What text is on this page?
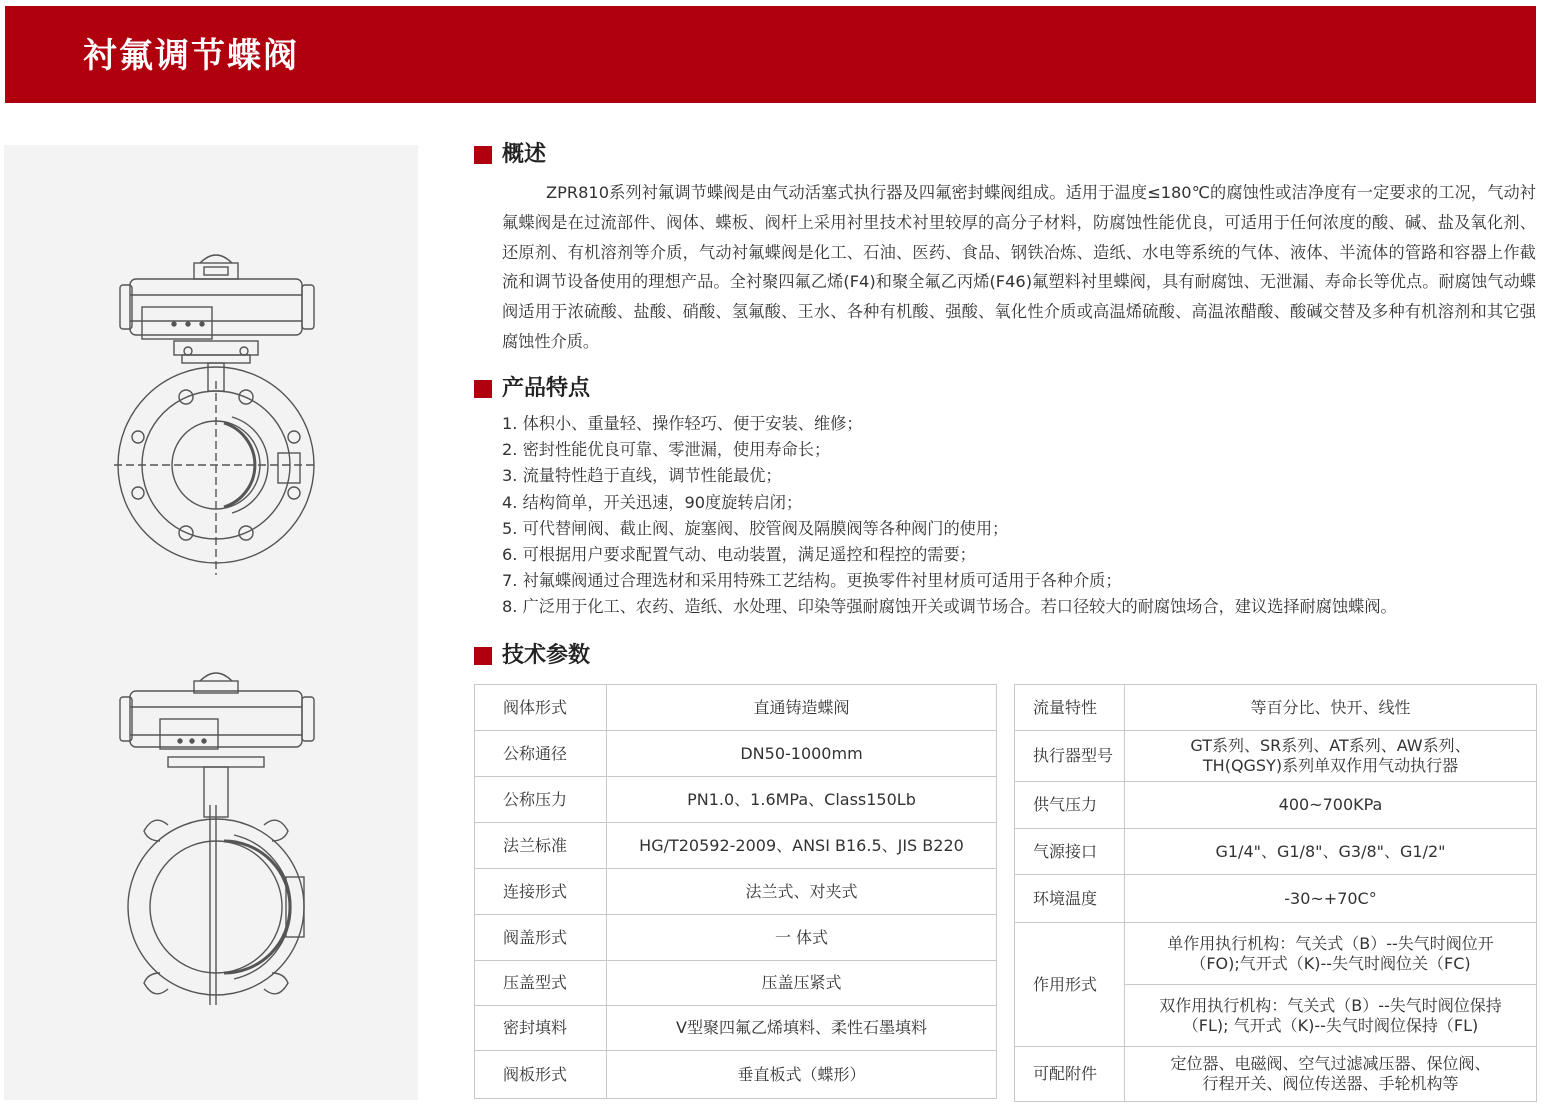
衬氟调节蝶阀
概述

ZPR810系列衬氟调节蝶阀是由气动活塞式执行器及四氟密封蝶阀组成。适用于温度≤180℃的腐蚀性或洁净度有一定要求的工况，气动衬氟蝶阀是在过流部件、阀体、蝶板、阀杆上采用衬里技术衬里较厚的高分子材料，防腐蚀性能优良，可适用于任何浓度的酸、碱、盐及氧化剂、还原剂、有机溶剂等介质，气动衬氟蝶阀是化工、石油、医药、食品、钢铁冶炼、造纸、水电等系统的气体、液体、半流体的管路和容器上作截流和调节设备使用的理想产品。全衬聚四氟乙烯(F4)和聚全氟乙丙烯(F46)氟塑料衬里蝶阀，具有耐腐蚀、无泄漏、寿命长等优点。耐腐蚀气动蝶阀适用于浓硫酸、盐酸、硝酸、氢氟酸、王水、各种有机酸、强酸、氧化性介质或高温烯硫酸、高温浓醋酸、酸碱交替及多种有机溶剂和其它强腐蚀性介质。

产品特点
1. 体积小、重量轻、操作轻巧、便于安装、维修；
2. 密封性能优良可靠、零泄漏，使用寿命长；
3. 流量特性趋于直线，调节性能最优；
4. 结构简单，开关迅速，90度旋转启闭；
5. 可代替闸阀、截止阀、旋塞阀、胶管阀及隔膜阀等各种阀门的使用；
6. 可根据用户要求配置气动、电动装置，满足遥控和程控的需要；
7. 衬氟蝶阀通过合理选材和采用特殊工艺结构。更换零件衬里材质可适用于各种介质；
8. 广泛用于化工、农药、造纸、水处理、印染等强耐腐蚀开关或调节场合。若口径较大的耐腐蚀场合，建议选择耐腐蚀蝶阀。
技术参数
阀体形式	直通铸造蝶阀
公称通径	DN50-1000mm
公称压力	PN1.0、1.6MPa、Class150Lb
法兰标准	HG/T20592-2009、ANSI B16.5、JIS B220
连接形式	法兰式、对夹式
阀盖形式	一 体式
压盖型式	压盖压紧式
密封填料	V型聚四氟乙烯填料、柔性石墨填料
阀板形式	垂直板式（蝶形）
流量特性	等百分比、快开、线性
执行器型号	GT系列、SR系列、AT系列、AW系列、
TH(QGSY)系列单双作用气动执行器

供气压力	400~700KPa
气源接口	G1/4"、G1/8"、G3/8"、G1/2"
环境温度	-30~+70C°
作用形式	单作用执行机构：气关式（B）--失气时阀位开
（FO);气开式（K)--失气时阀位关（FC)

	双作用执行机构：气关式（B）--失气时阀位保持
（FL); 气开式（K)--失气时阀位保持（FL)

可配附件	定位器、电磁阀、空气过滤减压器、保位阀、
行程开关、阀位传送器、手轮机构等
